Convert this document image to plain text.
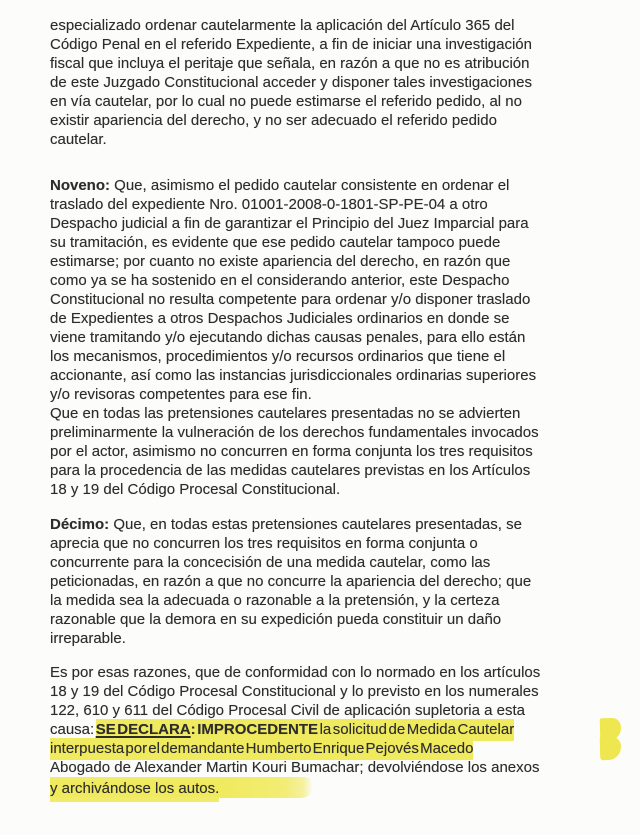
especializado ordenar cautelarmente la aplicación del Artículo 365 del
Código Penal en el referido Expediente, a fin de iniciar una investigación
fiscal que incluya el peritaje que señala, en razón a que no es atribución
de este Juzgado Constitucional acceder y disponer tales investigaciones
en vía cautelar, por lo cual no puede estimarse el referido pedido, al no
existir apariencia del derecho, y no ser adecuado el referido pedido
cautelar.
Noveno: Que, asimismo el pedido cautelar consistente en ordenar el
traslado del expediente Nro. 01001-2008-0-1801-SP-PE-04 a otro
Despacho judicial a fin de garantizar el Principio del Juez Imparcial para
su tramitación, es evidente que ese pedido cautelar tampoco puede
estimarse; por cuanto no existe apariencia del derecho, en razón que
como ya se ha sostenido en el considerando anterior, este Despacho
Constitucional no resulta competente para ordenar y/o disponer traslado
de Expedientes a otros Despachos Judiciales ordinarios en donde se
viene tramitando y/o ejecutando dichas causas penales, para ello están
los mecanismos, procedimientos y/o recursos ordinarios que tiene el
accionante, así como las instancias jurisdiccionales ordinarias superiores
y/o revisoras competentes para ese fin.
Que en todas las pretensiones cautelares presentadas no se advierten
preliminarmente la vulneración de los derechos fundamentales invocados
por el actor, asimismo no concurren en forma conjunta los tres requisitos
para la procedencia de las medidas cautelares previstas en los Artículos
18 y 19 del Código Procesal Constitucional.
Décimo: Que, en todas estas pretensiones cautelares presentadas, se
aprecia que no concurren los tres requisitos en forma conjunta o
concurrente para la concecisión de una medida cautelar, como las
peticionadas, en razón a que no concurre la apariencia del derecho; que
la medida sea la adecuada o razonable a la pretensión, y la certeza
razonable que la demora en su expedición pueda constituir un daño
irreparable.
Es por esas razones, que de conformidad con lo normado en los artículos
18 y 19 del Código Procesal Constitucional y lo previsto en los numerales
122, 610 y 611 del Código Procesal Civil de aplicación supletoria a esta
causa: SE DECLARA: IMPROCEDENTE la solicitud de Medida Cautelar
interpuesta por el demandante Humberto Enrique Pejovés Macedo
Abogado de Alexander Martin Kouri Bumachar; devolviéndose los anexos
y archivándose los autos.
